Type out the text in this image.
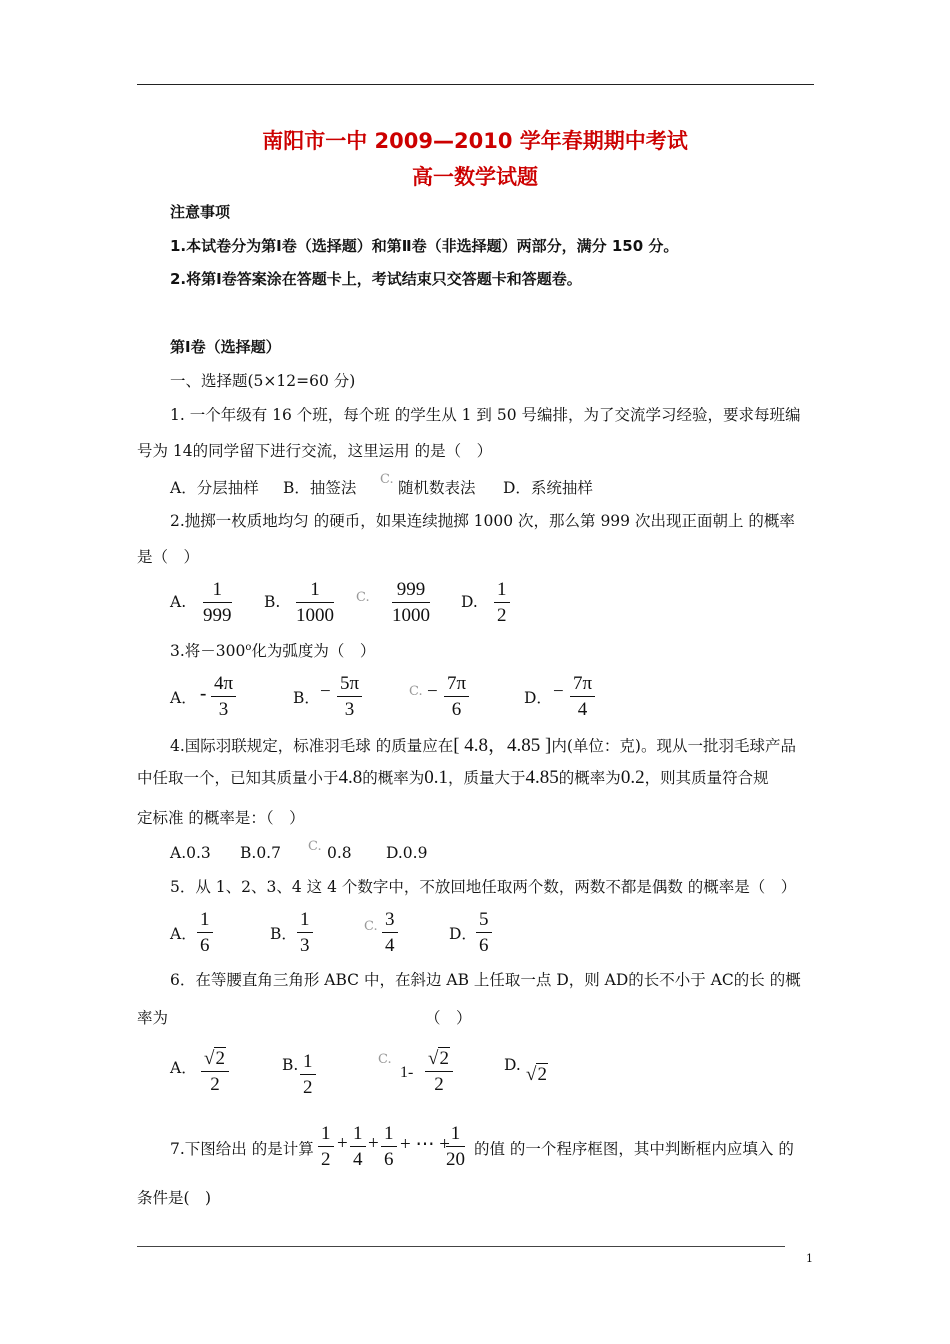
南阳市一中 2009—2010 学年春期期中考试
高一数学试题
注意事项
1.本试卷分为第Ⅰ卷（选择题）和第Ⅱ卷（非选择题）两部分，满分 150 分。
2.将第Ⅰ卷答案涂在答题卡上，考试结束只交答题卡和答题卷。
第Ⅰ卷（选择题）
一、选择题(5×12=60 分)
1. 一个年级有 16 个班，每个班 的学生从 1 到 50 号编排，为了交流学习经验，要求每班编
号为 14的同学留下进行交流，这里运用 的是（　）
A．分层抽样 B．抽签法 C. 随机数表法 D．系统抽样
2.抛掷一枚质地均匀 的硬币，如果连续抛掷 1000 次，那么第 999 次出现正面朝上 的概率
是（　）
A.
1
999
B.
1
1000
C. 999
1000
D.
1
2
3.将$-300^o$化为弧度为（　）
A． - 4π
3
B． − 5π
3
C. − 7π
6
D． − 7π
4
4.国际羽联规定，标准羽毛球 的质量应在[ 4.8，4.85 ]内(单位：克)。现从一批羽毛球产品
中任取一个，已知其质量小于4.8的概率为0.1，质量大于4.85的概率为0.2，则其质量符合规
定标准 的概率是：（　）
A.0.3 B.0.7 C. 0.8 D.0.9
5．从 1、2、3、4 这 4 个数字中，不放回地任取两个数，两数不都是偶数 的概率是（　）
A．
1
6
B．
1
3
C. 3
4
D．
5
6
6．在等腰直角三角形 ABC 中，在斜边 AB 上任取一点 D，则 AD的长不小于 AC的长 的概
率为	（　）
A． √2
2
B. 1
2
C.
1-
√2
2
D. √2
7.下图给出 的是计算
1
2
+ 1
4
+ 1
6
+ ⋯ +
1
20 的值 的一个程序框图，其中判断框内应填入 的
条件是(　)
1
